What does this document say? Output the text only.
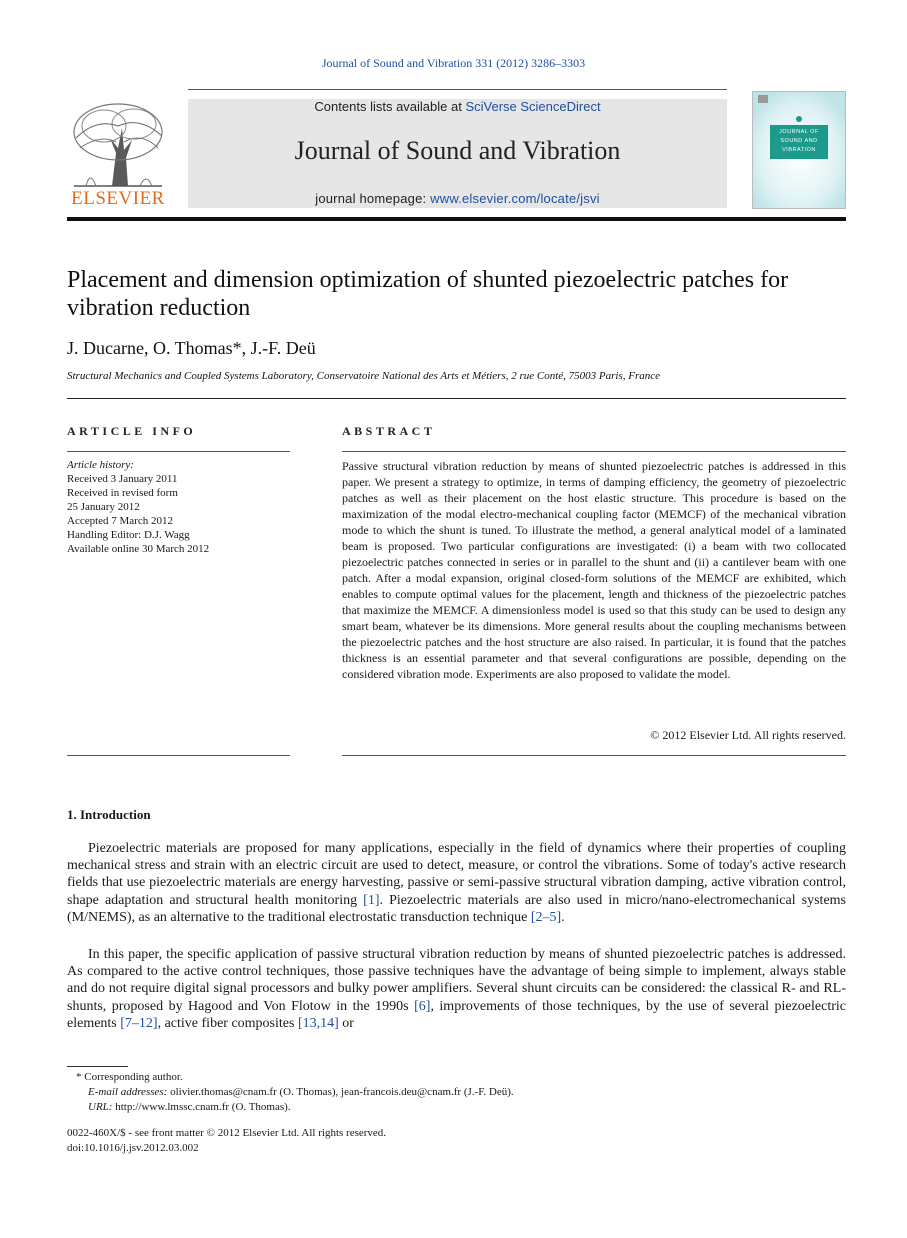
Journal of Sound and Vibration 331 (2012) 3286–3303
ELSEVIER
Contents lists available at SciVerse ScienceDirect
Journal of Sound and Vibration
journal homepage: www.elsevier.com/locate/jsvi
JOURNAL OF
SOUND AND
VIBRATION
Placement and dimension optimization of shunted piezoelectric patches for vibration reduction
J. Ducarne, O. Thomas*, J.-F. Deü
Structural Mechanics and Coupled Systems Laboratory, Conservatoire National des Arts et Métiers, 2 rue Conté, 75003 Paris, France
ARTICLE INFO
Article history:
Received 3 January 2011
Received in revised form
25 January 2012
Accepted 7 March 2012
Handling Editor: D.J. Wagg
Available online 30 March 2012
ABSTRACT
Passive structural vibration reduction by means of shunted piezoelectric patches is addressed in this paper. We present a strategy to optimize, in terms of damping efficiency, the geometry of piezoelectric patches as well as their placement on the host elastic structure. This procedure is based on the maximization of the modal electro-mechanical coupling factor (MEMCF) of the mechanical vibration mode to which the shunt is tuned. To illustrate the method, a general analytical model of a laminated beam is proposed. Two particular configurations are investigated: (i) a beam with two collocated piezoelectric patches connected in series or in parallel to the shunt and (ii) a cantilever beam with one patch. After a modal expansion, original closed-form solutions of the MEMCF are exhibited, which enables to compute optimal values for the placement, length and thickness of the piezoelectric patches that maximize the MEMCF. A dimensionless model is used so that this study can be used to design any smart beam, whatever be its dimensions. More general results about the coupling mechanisms between the piezoelectric patches and the host structure are also raised. In particular, it is found that the patches thickness is an essential parameter and that several configurations are possible, depending on the considered vibration mode. Experiments are also proposed to validate the model.
© 2012 Elsevier Ltd. All rights reserved.
1. Introduction
Piezoelectric materials are proposed for many applications, especially in the field of dynamics where their properties of coupling mechanical stress and strain with an electric circuit are used to detect, measure, or control the vibrations. Some of today's active research fields that use piezoelectric materials are energy harvesting, passive or semi-passive structural vibration damping, active vibration control, shape adaptation and structural health monitoring [1]. Piezoelectric materials are also used in micro/nano-electromechanical systems (M/NEMS), as an alternative to the traditional electrostatic transduction technique [2–5].
In this paper, the specific application of passive structural vibration reduction by means of shunted piezoelectric patches is addressed. As compared to the active control techniques, those passive techniques have the advantage of being simple to implement, always stable and do not require digital signal processors and bulky power amplifiers. Several shunt circuits can be considered: the classical R- and RL-shunts, proposed by Hagood and Von Flotow in the 1990s [6], improvements of those techniques, by the use of several piezoelectric elements [7–12], active fiber composites [13,14] or
* Corresponding author.
E-mail addresses: olivier.thomas@cnam.fr (O. Thomas), jean-francois.deu@cnam.fr (J.-F. Deü).
URL: http://www.lmssc.cnam.fr (O. Thomas).
0022-460X/$ - see front matter © 2012 Elsevier Ltd. All rights reserved.
doi:10.1016/j.jsv.2012.03.002
